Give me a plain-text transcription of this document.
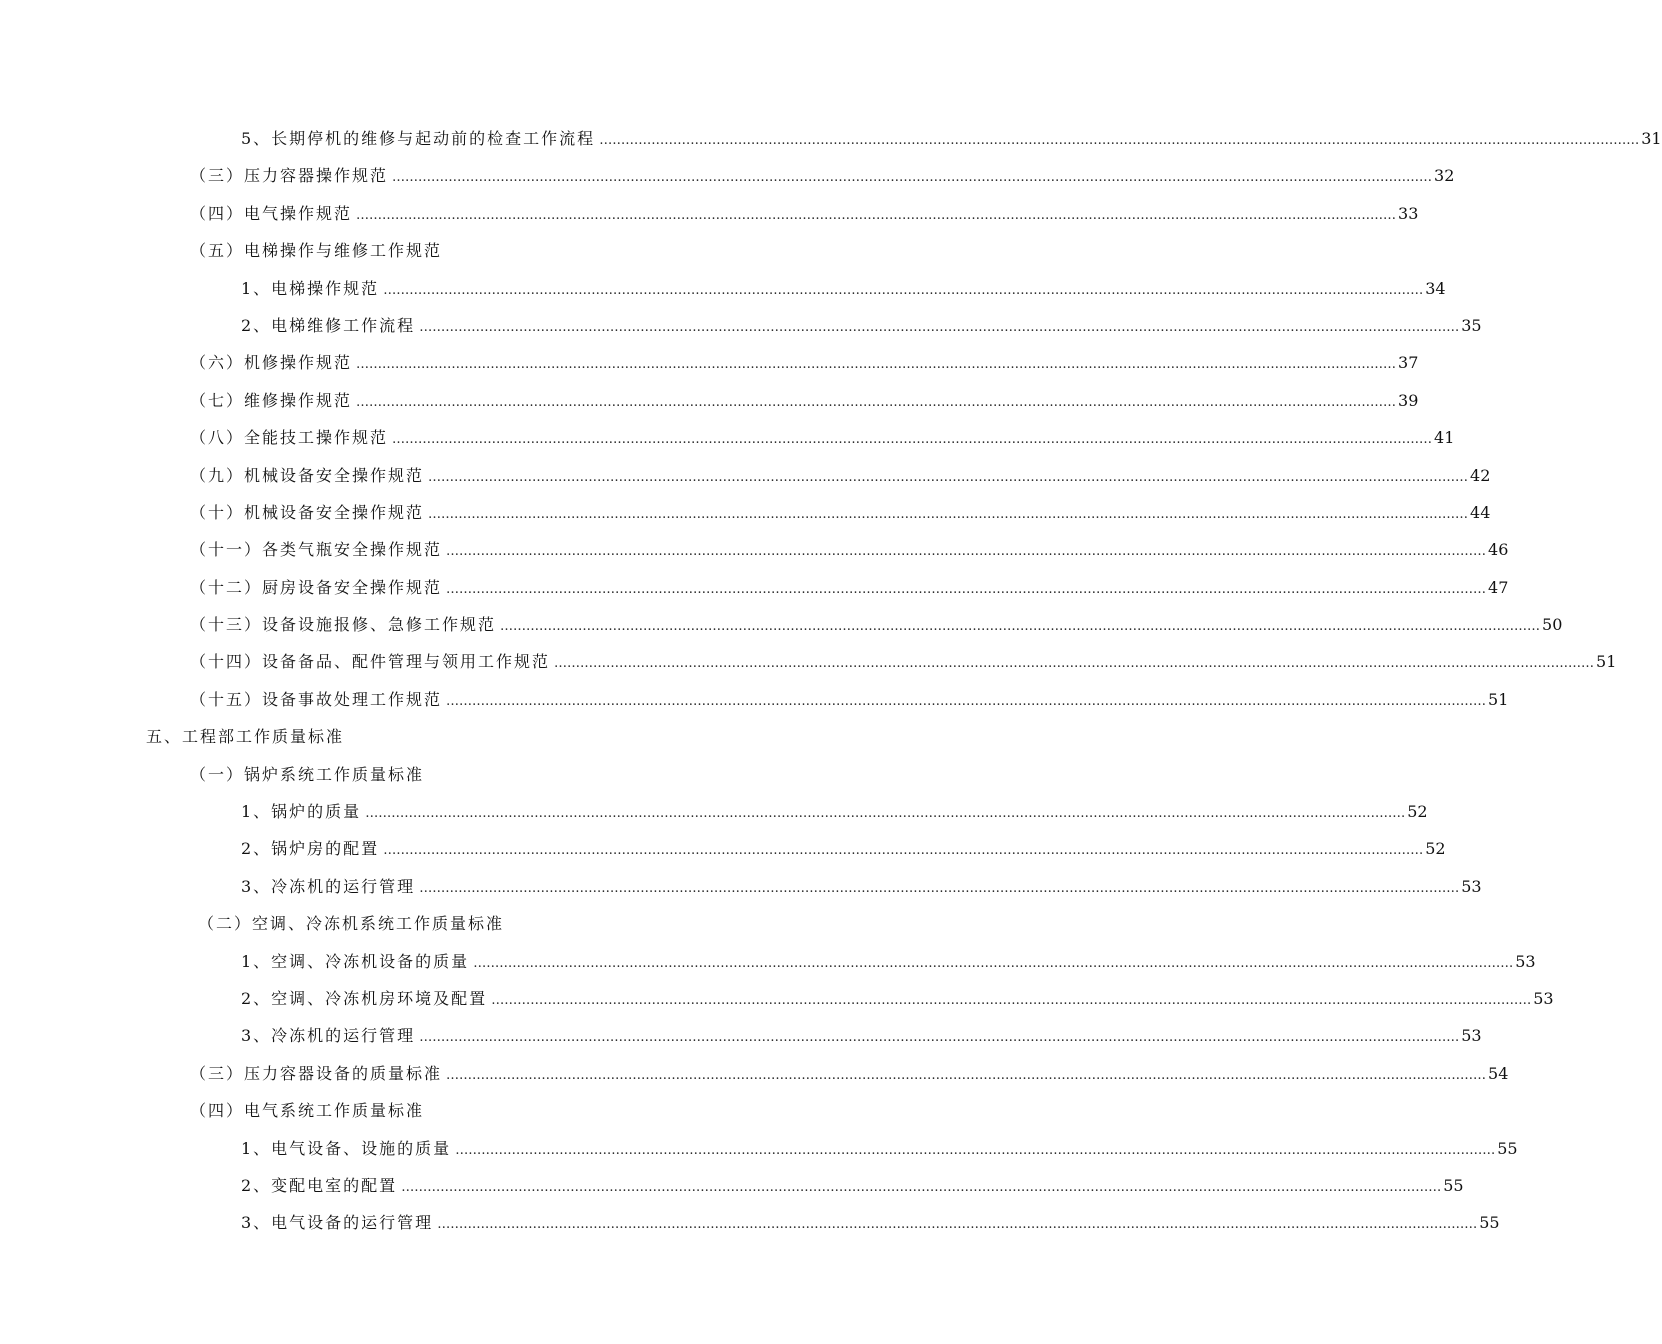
5、长期停机的维修与起动前的检查工作流程 …………………………………………………………………………………………………………………………………………………………………………………………………………………… 31
（三）压力容器操作规范 …………………………………………………………………………………………………………………………………………………………………………………………………………………… 32
（四）电气操作规范 …………………………………………………………………………………………………………………………………………………………………………………………………………………… 33
（五）电梯操作与维修工作规范
1、电梯操作规范 …………………………………………………………………………………………………………………………………………………………………………………………………………………… 34
2、电梯维修工作流程 …………………………………………………………………………………………………………………………………………………………………………………………………………………… 35
（六）机修操作规范 …………………………………………………………………………………………………………………………………………………………………………………………………………………… 37
（七）维修操作规范 …………………………………………………………………………………………………………………………………………………………………………………………………………………… 39
（八）全能技工操作规范 …………………………………………………………………………………………………………………………………………………………………………………………………………………… 41
（九）机械设备安全操作规范 …………………………………………………………………………………………………………………………………………………………………………………………………………………… 42
（十）机械设备安全操作规范 …………………………………………………………………………………………………………………………………………………………………………………………………………………… 44
（十一）各类气瓶安全操作规范 …………………………………………………………………………………………………………………………………………………………………………………………………………………… 46
（十二）厨房设备安全操作规范 …………………………………………………………………………………………………………………………………………………………………………………………………………………… 47
（十三）设备设施报修、急修工作规范 …………………………………………………………………………………………………………………………………………………………………………………………………………………… 50
（十四）设备备品、配件管理与领用工作规范 …………………………………………………………………………………………………………………………………………………………………………………………………………………… 51
（十五）设备事故处理工作规范 …………………………………………………………………………………………………………………………………………………………………………………………………………………… 51
五、工程部工作质量标准
（一）锅炉系统工作质量标准
1、锅炉的质量 …………………………………………………………………………………………………………………………………………………………………………………………………………………… 52
2、锅炉房的配置 …………………………………………………………………………………………………………………………………………………………………………………………………………………… 52
3、冷冻机的运行管理 …………………………………………………………………………………………………………………………………………………………………………………………………………………… 53
（二）空调、冷冻机系统工作质量标准
1、空调、冷冻机设备的质量 …………………………………………………………………………………………………………………………………………………………………………………………………………………… 53
2、空调、冷冻机房环境及配置 …………………………………………………………………………………………………………………………………………………………………………………………………………………… 53
3、冷冻机的运行管理 …………………………………………………………………………………………………………………………………………………………………………………………………………………… 53
（三）压力容器设备的质量标准 …………………………………………………………………………………………………………………………………………………………………………………………………………………… 54
（四）电气系统工作质量标准
1、电气设备、设施的质量 …………………………………………………………………………………………………………………………………………………………………………………………………………………… 55
2、变配电室的配置 …………………………………………………………………………………………………………………………………………………………………………………………………………………… 55
3、电气设备的运行管理 …………………………………………………………………………………………………………………………………………………………………………………………………………………… 55
